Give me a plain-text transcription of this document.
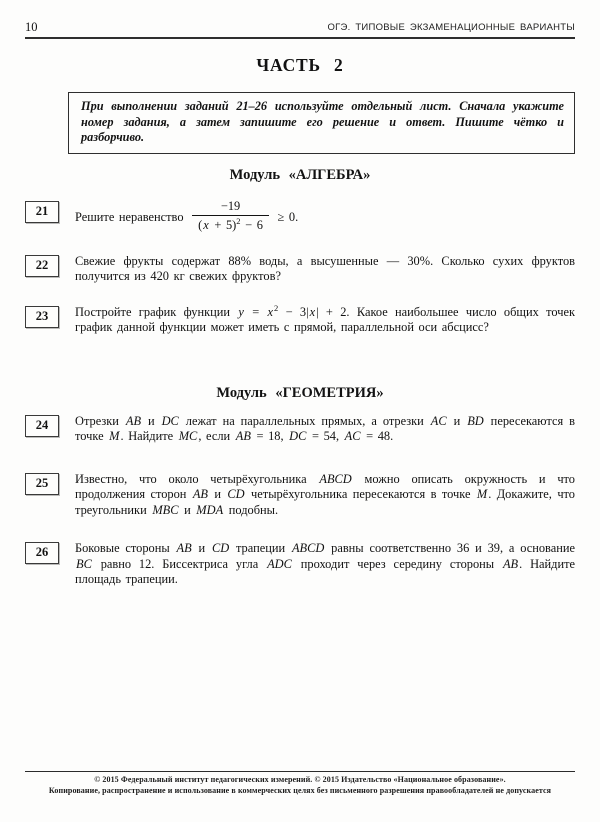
10	ОГЭ. ТИПОВЫЕ ЭКЗАМЕНАЦИОННЫЕ ВАРИАНТЫ
ЧАСТЬ 2
При выполнении заданий 21–26 используйте отдельный лист. Сначала укажите номер задания, а затем запишите его решение и ответ. Пишите чётко и разборчиво.
Модуль «АЛГЕБРА»
21	Решите неравенство $\frac{-19}{(x + 5)^2 - 6} \ge 0$.
22	Свежие фрукты содержат 88% воды, а высушенные — 30%. Сколько сухих фруктов получится из 420 кг свежих фруктов?
23	Постройте график функции $y = x^2 - 3|x| + 2$. Какое наибольшее число общих точек график данной функции может иметь с прямой, параллельной оси абсцисс?
Модуль «ГЕОМЕТРИЯ»
24	Отрезки AB и DC лежат на параллельных прямых, а отрезки AC и BD пересекаются в точке M. Найдите MC, если AB = 18, DC = 54, AC = 48.
25	Известно, что около четырёхугольника ABCD можно описать окружность и что продолжения сторон AB и CD четырёхугольника пересекаются в точке M. Докажите, что треугольники MBC и MDA подобны.
26	Боковые стороны AB и CD трапеции ABCD равны соответственно 36 и 39, а основание BC равно 12. Биссектриса угла ADC проходит через середину стороны AB. Найдите площадь трапеции.
© 2015 Федеральный институт педагогических измерений. © 2015 Издательство «Национальное образование».
Копирование, распространение и использование в коммерческих целях без письменного разрешения правообладателей не допускается
